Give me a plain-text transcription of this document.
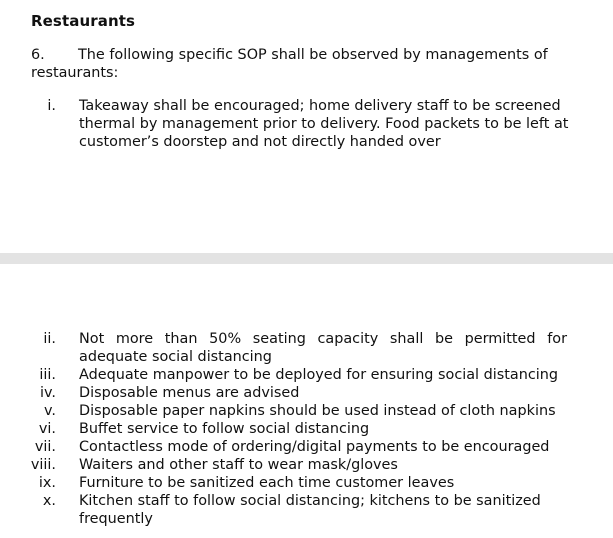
Restaurants
6. The following specific SOP shall be observed by managements of restaurants:
i. Takeaway shall be encouraged; home delivery staff to be screened thermal by management prior to delivery. Food packets to be left at customer’s doorstep and not directly handed over
ii. Not more than 50% seating capacity shall be permitted for adequate social distancing
iii. Adequate manpower to be deployed for ensuring social distancing
iv. Disposable menus are advised
v. Disposable paper napkins should be used instead of cloth napkins
vi. Buffet service to follow social distancing
vii. Contactless mode of ordering/digital payments to be encouraged
viii. Waiters and other staff to wear mask/gloves
ix. Furniture to be sanitized each time customer leaves
x. Kitchen staff to follow social distancing; kitchens to be sanitized frequently
